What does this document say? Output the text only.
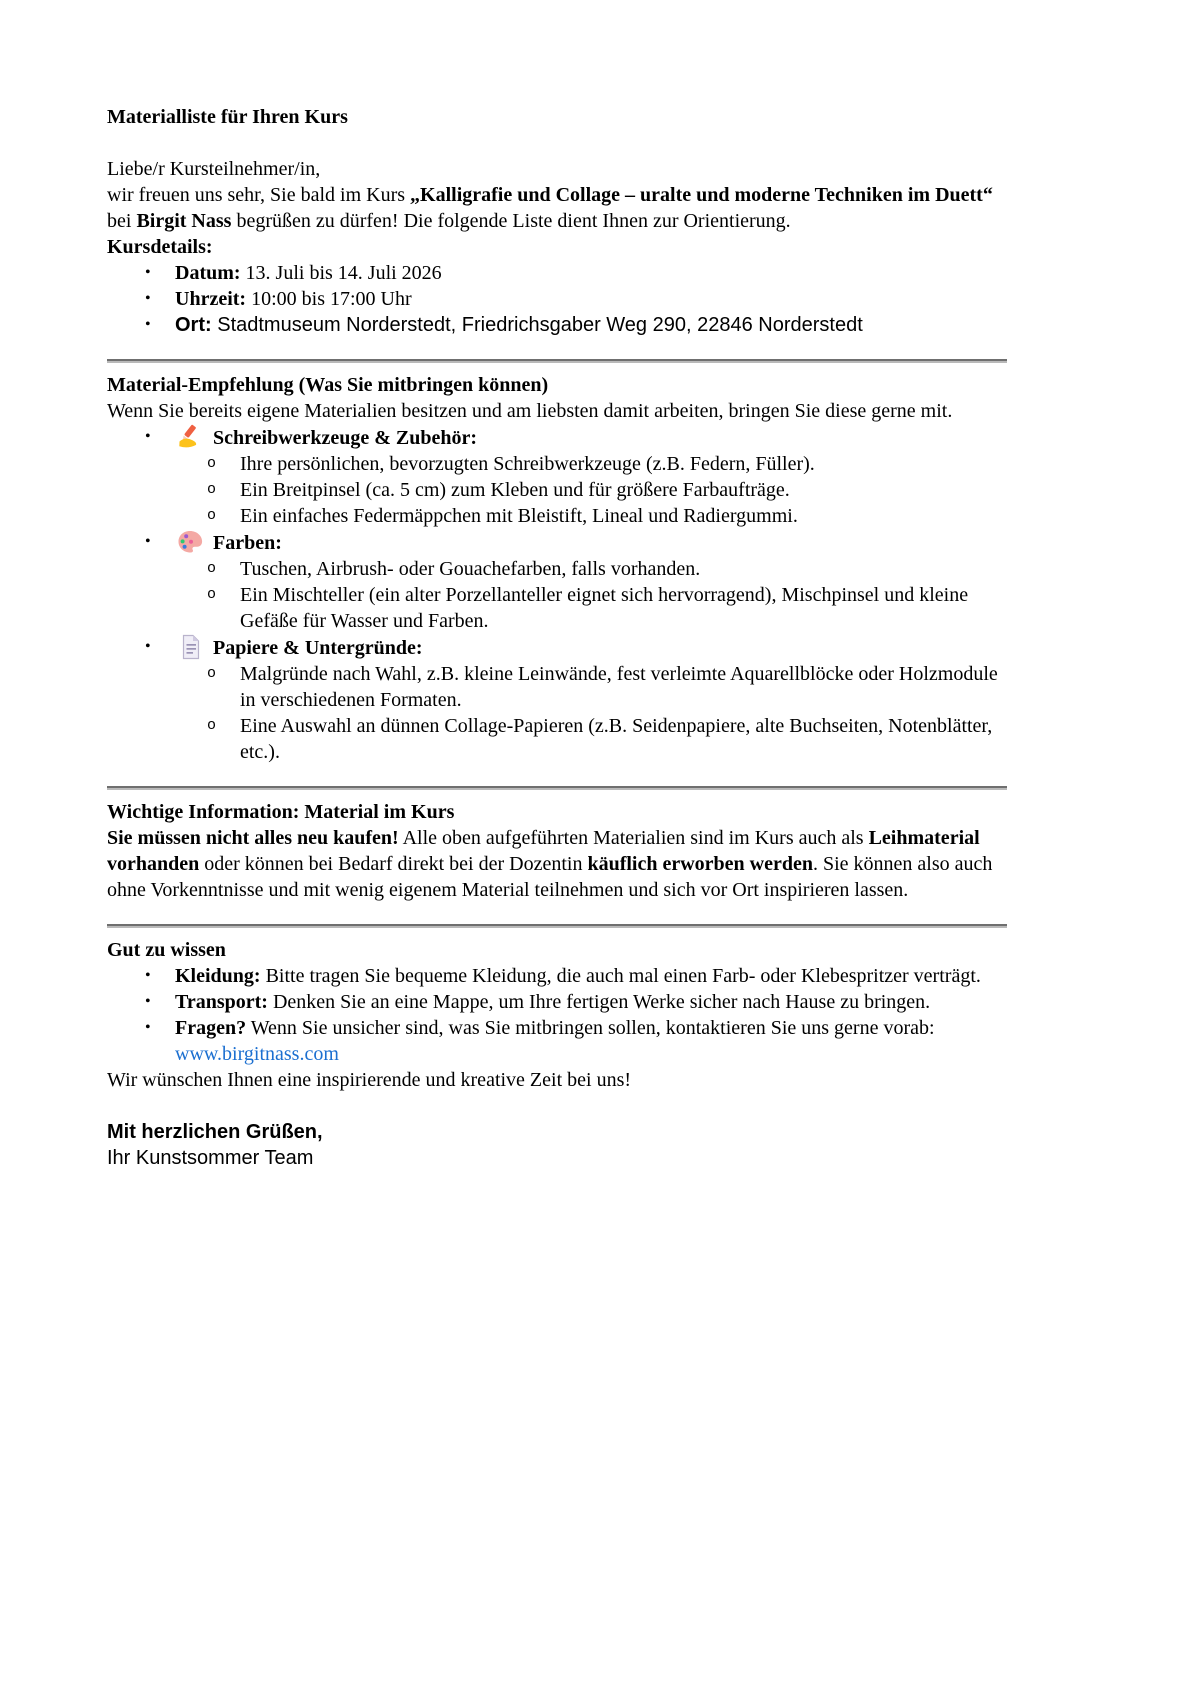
Materialliste für Ihren Kurs

Liebe/r Kursteilnehmer/in,

wir freuen uns sehr, Sie bald im Kurs „Kalligrafie und Collage – uralte und moderne Techniken im Duett“ bei Birgit Nass begrüßen zu dürfen! Die folgende Liste dient Ihnen zur Orientierung.

Kursdetails:

•	Datum: 13. Juli bis 14. Juli 2026
•	Uhrzeit: 10:00 bis 17:00 Uhr
•	Ort: Stadtmuseum Norderstedt, Friedrichsgaber Weg 290, 22846 Norderstedt

Material-Empfehlung (Was Sie mitbringen können)

Wenn Sie bereits eigene Materialien besitzen und am liebsten damit arbeiten, bringen Sie diese gerne mit.

•	Schreibwerkzeuge & Zubehör:
o	Ihre persönlichen, bevorzugten Schreibwerkzeuge (z.B. Federn, Füller).
o	Ein Breitpinsel (ca. 5 cm) zum Kleben und für größere Farbaufträge.
o	Ein einfaches Federmäppchen mit Bleistift, Lineal und Radiergummi.
•	Farben:
o	Tuschen, Airbrush- oder Gouachefarben, falls vorhanden.
o	Ein Mischteller (ein alter Porzellanteller eignet sich hervorragend), Mischpinsel und kleine Gefäße für Wasser und Farben.
•	Papiere & Untergründe:
o	Malgründe nach Wahl, z.B. kleine Leinwände, fest verleimte Aquarellblöcke oder Holzmodule in verschiedenen Formaten.
o	Eine Auswahl an dünnen Collage-Papieren (z.B. Seidenpapiere, alte Buchseiten, Notenblätter, etc.).

Wichtige Information: Material im Kurs

Sie müssen nicht alles neu kaufen! Alle oben aufgeführten Materialien sind im Kurs auch als Leihmaterial vorhanden oder können bei Bedarf direkt bei der Dozentin käuflich erworben werden. Sie können also auch ohne Vorkenntnisse und mit wenig eigenem Material teilnehmen und sich vor Ort inspirieren lassen.

Gut zu wissen

•	Kleidung: Bitte tragen Sie bequeme Kleidung, die auch mal einen Farb- oder Klebespritzer verträgt.
•	Transport: Denken Sie an eine Mappe, um Ihre fertigen Werke sicher nach Hause zu bringen.
•	Fragen? Wenn Sie unsicher sind, was Sie mitbringen sollen, kontaktieren Sie uns gerne vorab: www.birgitnass.com

Wir wünschen Ihnen eine inspirierende und kreative Zeit bei uns!

Mit herzlichen Grüßen,

Ihr Kunstsommer Team
